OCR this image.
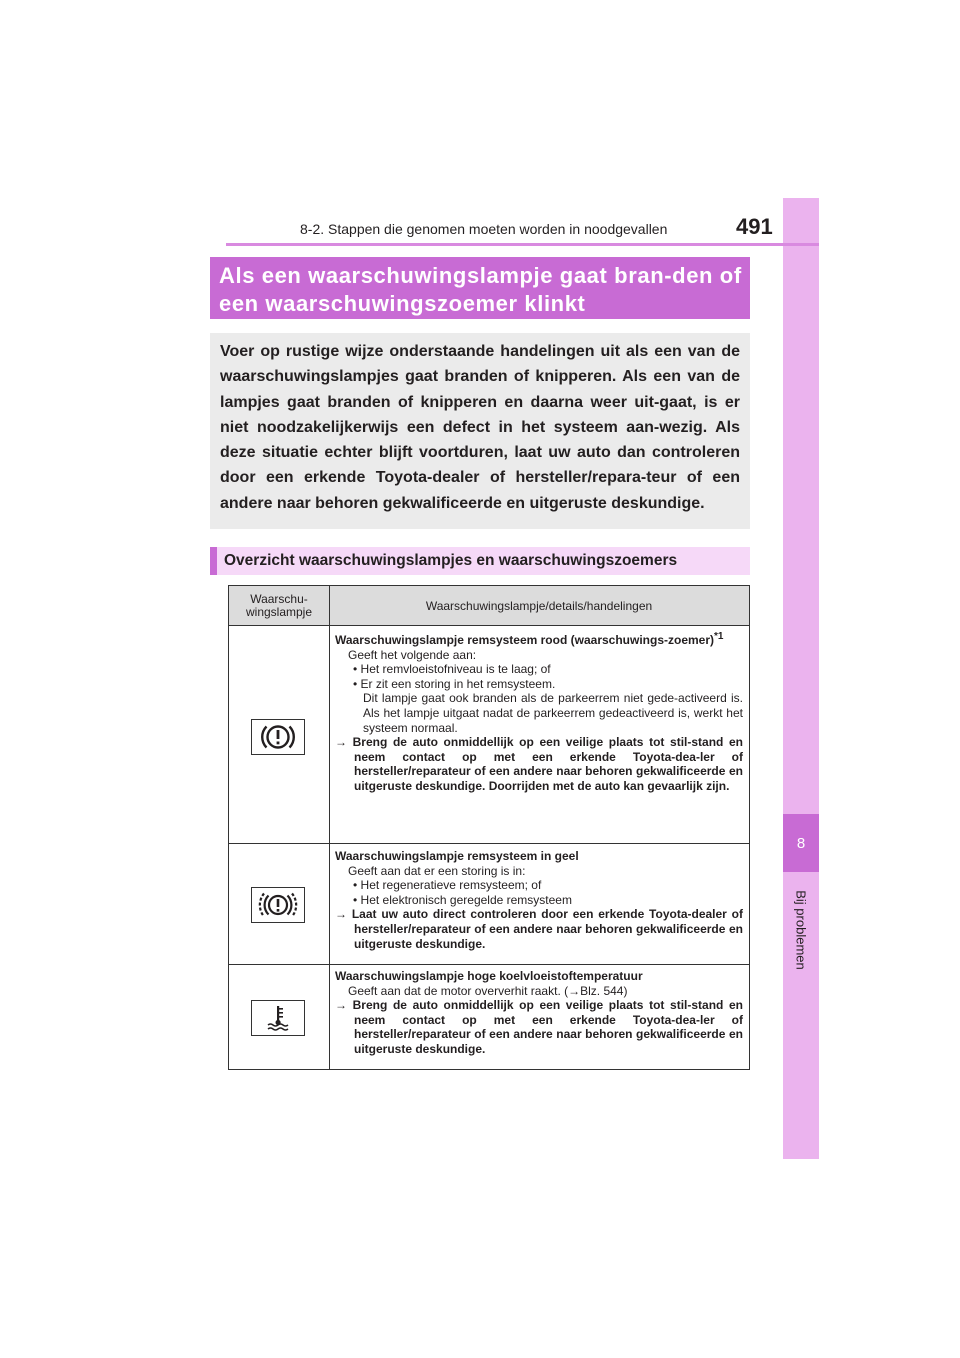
8
Bij problemen
8-2. Stappen die genomen moeten worden in noodgevallen	491
Als een waarschuwingslampje gaat bran-den of een waarschuwingszoemer klinkt
Voer op rustige wijze onderstaande handelingen uit als een van de waarschuwingslampjes gaat branden of knipperen. Als een van de lampjes gaat branden of knipperen en daarna weer uit-gaat, is er niet noodzakelijkerwijs een defect in het systeem aan-wezig. Als deze situatie echter blijft voortduren, laat uw auto dan controleren door een erkende Toyota-dealer of hersteller/repara-teur of een andere naar behoren gekwalificeerde en uitgeruste deskundige.
Overzicht waarschuwingslampjes en waarschuwingszoemers
Waarschu-wingslampje	Waarschuwingslampje/details/handelingen
Waarschuwingslampje remsysteem rood (waarschuwings-zoemer)$^{*1}$
Geeft het volgende aan:
• Het remvloeistofniveau is te laag; of
• Er zit een storing in het remsysteem.
Dit lampje gaat ook branden als de parkeerrem niet gede-activeerd is. Als het lampje uitgaat nadat de parkeerrem gedeactiveerd is, werkt het systeem normaal.
→ Breng de auto onmiddellijk op een veilige plaats tot stil-stand en neem contact op met een erkende Toyota-dea-ler of hersteller/reparateur of een andere naar behoren gekwalificeerde en uitgeruste deskundige. Doorrijden met de auto kan gevaarlijk zijn.
Waarschuwingslampje remsysteem in geel
Geeft aan dat er een storing is in:
• Het regeneratieve remsysteem; of
• Het elektronisch geregelde remsysteem
→ Laat uw auto direct controleren door een erkende Toyota-dealer of hersteller/reparateur of een andere naar behoren gekwalificeerde en uitgeruste deskundige.
Waarschuwingslampje hoge koelvloeistoftemperatuur
Geeft aan dat de motor oververhit raakt. (→Blz. 544)
→ Breng de auto onmiddellijk op een veilige plaats tot stil-stand en neem contact op met een erkende Toyota-dea-ler of hersteller/reparateur of een andere naar behoren gekwalificeerde en uitgeruste deskundige.
